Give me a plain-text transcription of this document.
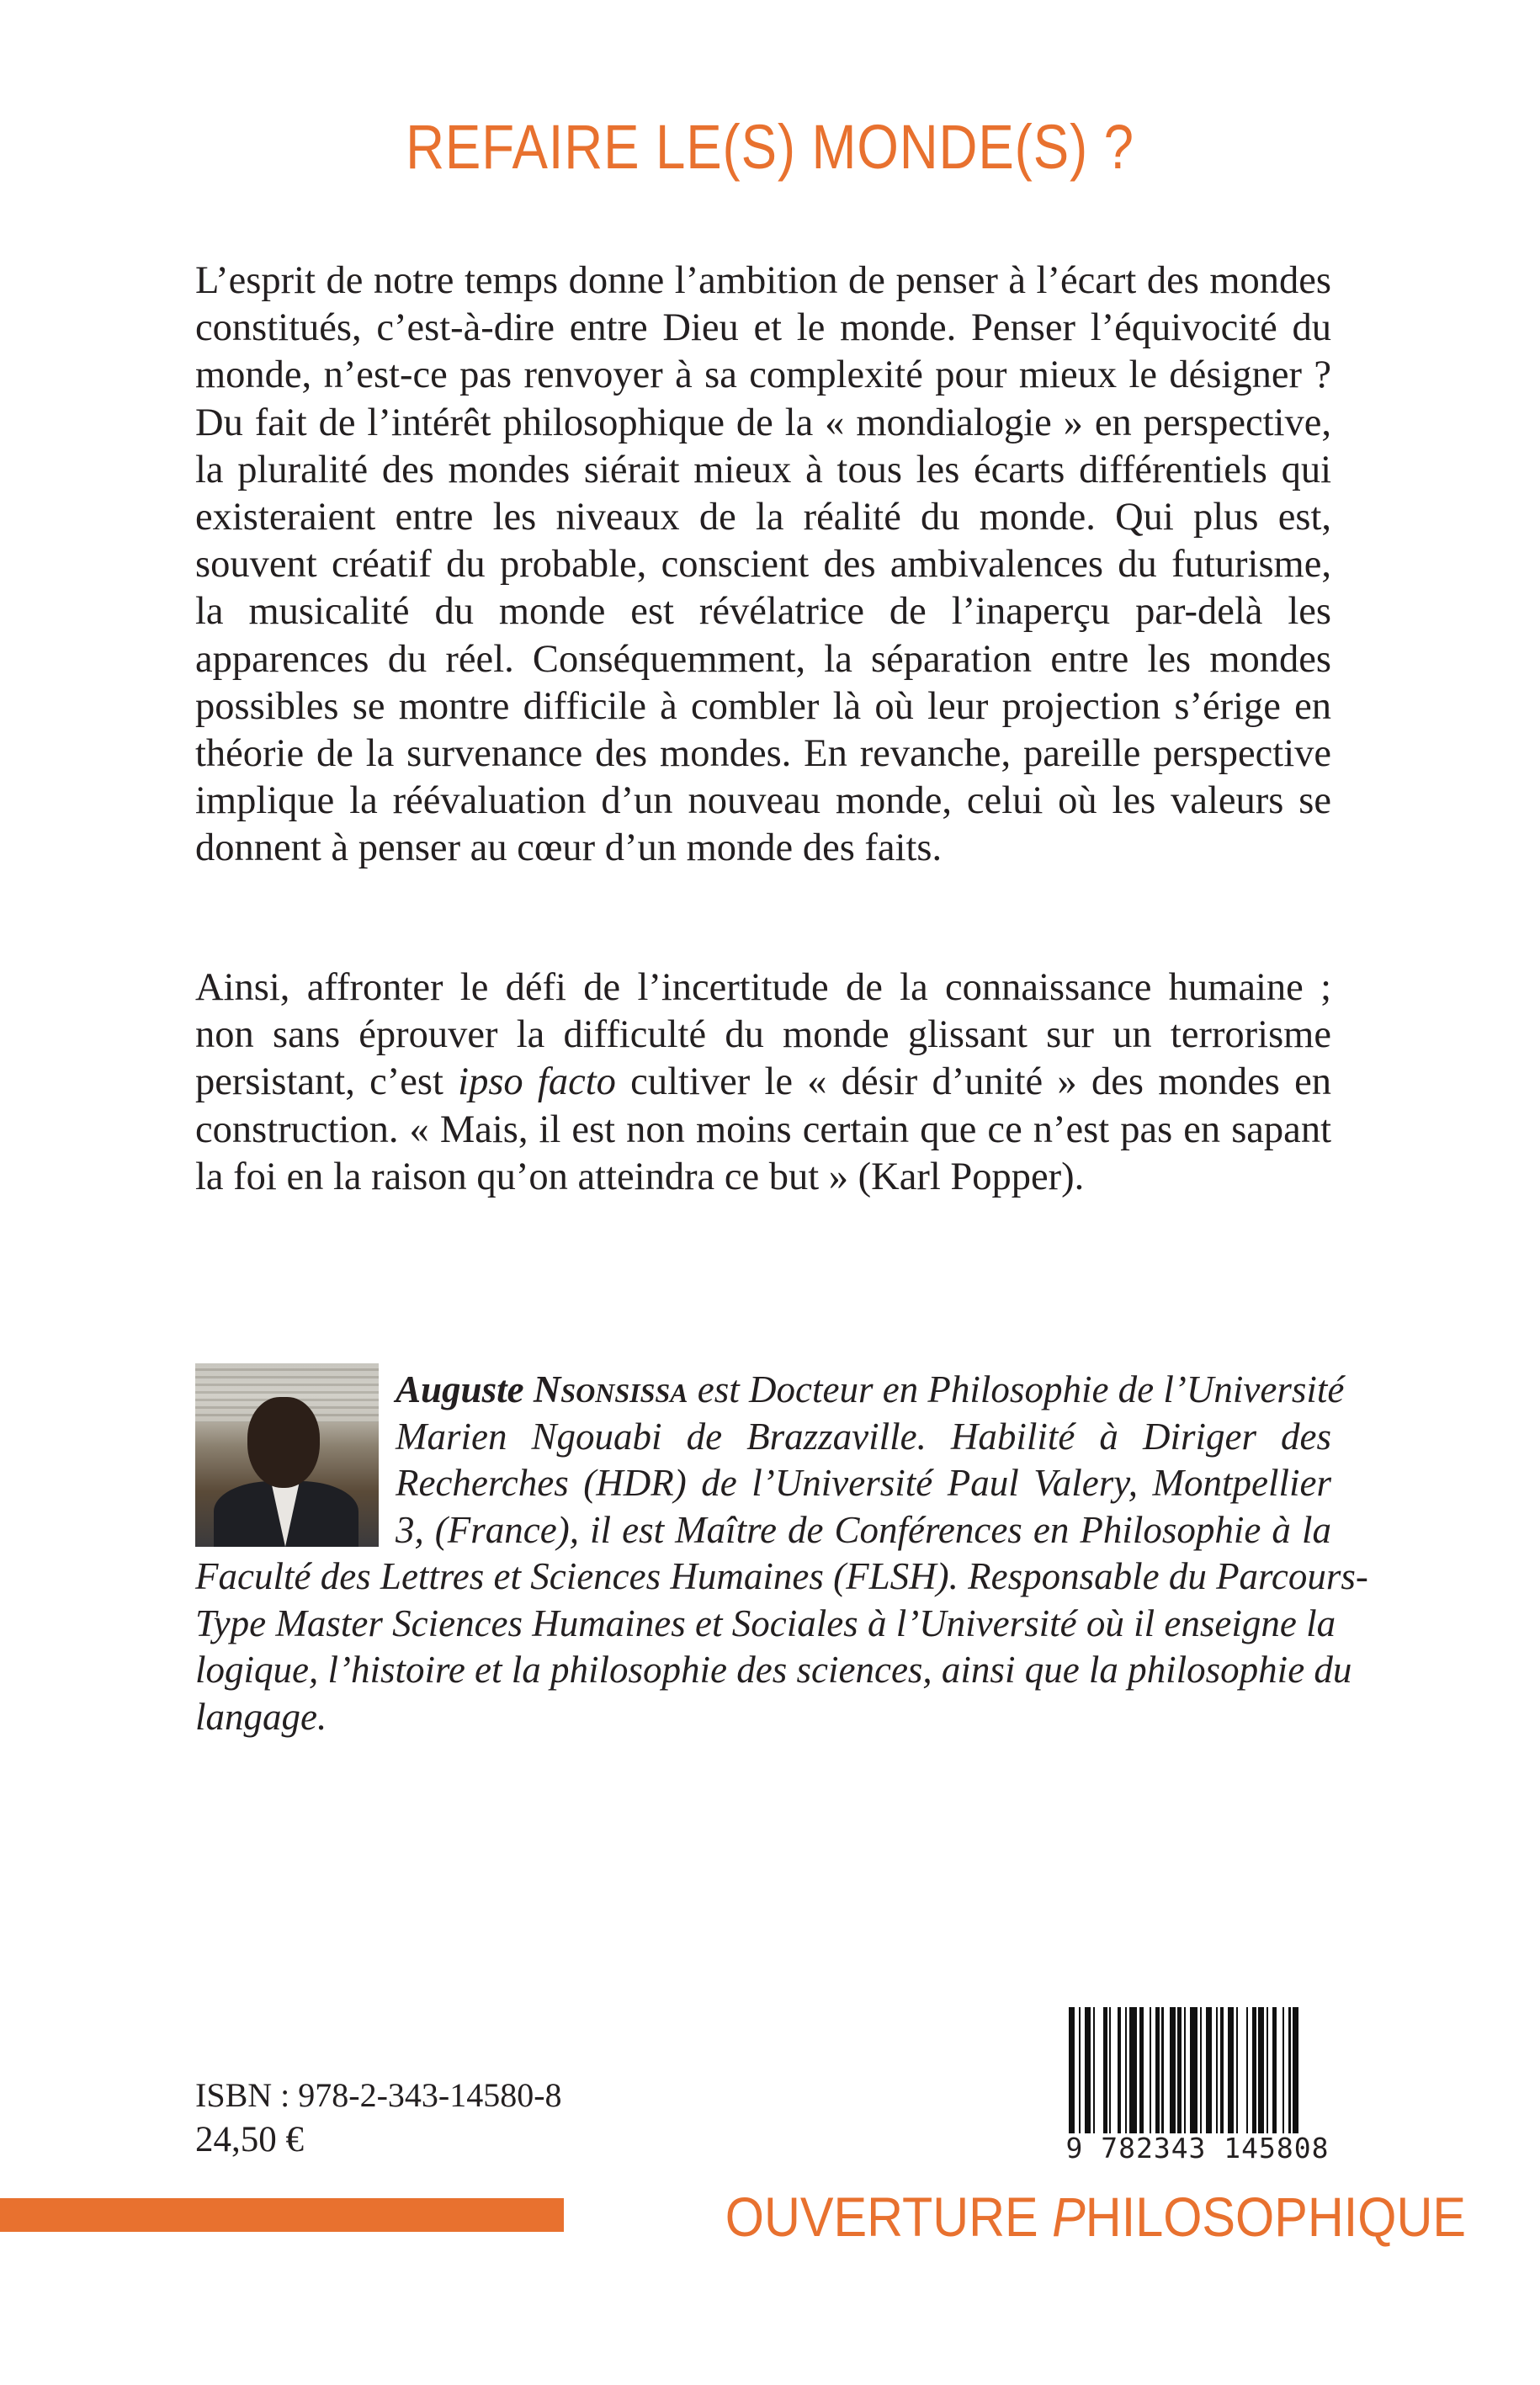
REFAIRE LE(S) MONDE(S) ?

L’esprit de notre temps donne l’ambition de penser à l’écart des mondes
constitués, c’est-à-dire entre Dieu et le monde. Penser l’équivocité du
monde, n’est-ce pas renvoyer à sa complexité pour mieux le désigner ?
Du fait de l’intérêt philosophique de la « mondialogie » en perspective,
la pluralité des mondes siérait mieux à tous les écarts différentiels qui
existeraient entre les niveaux de la réalité du monde. Qui plus est,
souvent créatif du probable, conscient des ambivalences du futurisme,
la musicalité du monde est révélatrice de l’inaperçu par-delà les
apparences du réel. Conséquemment, la séparation entre les mondes
possibles se montre difficile à combler là où leur projection s’érige en
théorie de la survenance des mondes. En revanche, pareille perspective
implique la réévaluation d’un nouveau monde, celui où les valeurs se
donnent à penser au cœur d’un monde des faits.

Ainsi, affronter le défi de l’incertitude de la connaissance humaine ;
non sans éprouver la difficulté du monde glissant sur un terrorisme
persistant, c’est ipso facto cultiver le « désir d’unité » des mondes en
construction. « Mais, il est non moins certain que ce n’est pas en sapant
la foi en la raison qu’on atteindra ce but » (Karl Popper).

Auguste Nsonsissa est Docteur en Philosophie de l’Université
Marien Ngouabi de Brazzaville. Habilité à Diriger des
Recherches (HDR) de l’Université Paul Valery, Montpellier
3, (France), il est Maître de Conférences en Philosophie à la

Faculté des Lettres et Sciences Humaines (FLSH). Responsable du Parcours-
Type Master Sciences Humaines et Sociales à l’Université où il enseigne la
logique, l’histoire et la philosophie des sciences, ainsi que la philosophie du
langage.

ISBN : 978-2-343-14580-8
24,50 €	9 782343 145808
OUVERTURE PHILOSOPHIQUE
